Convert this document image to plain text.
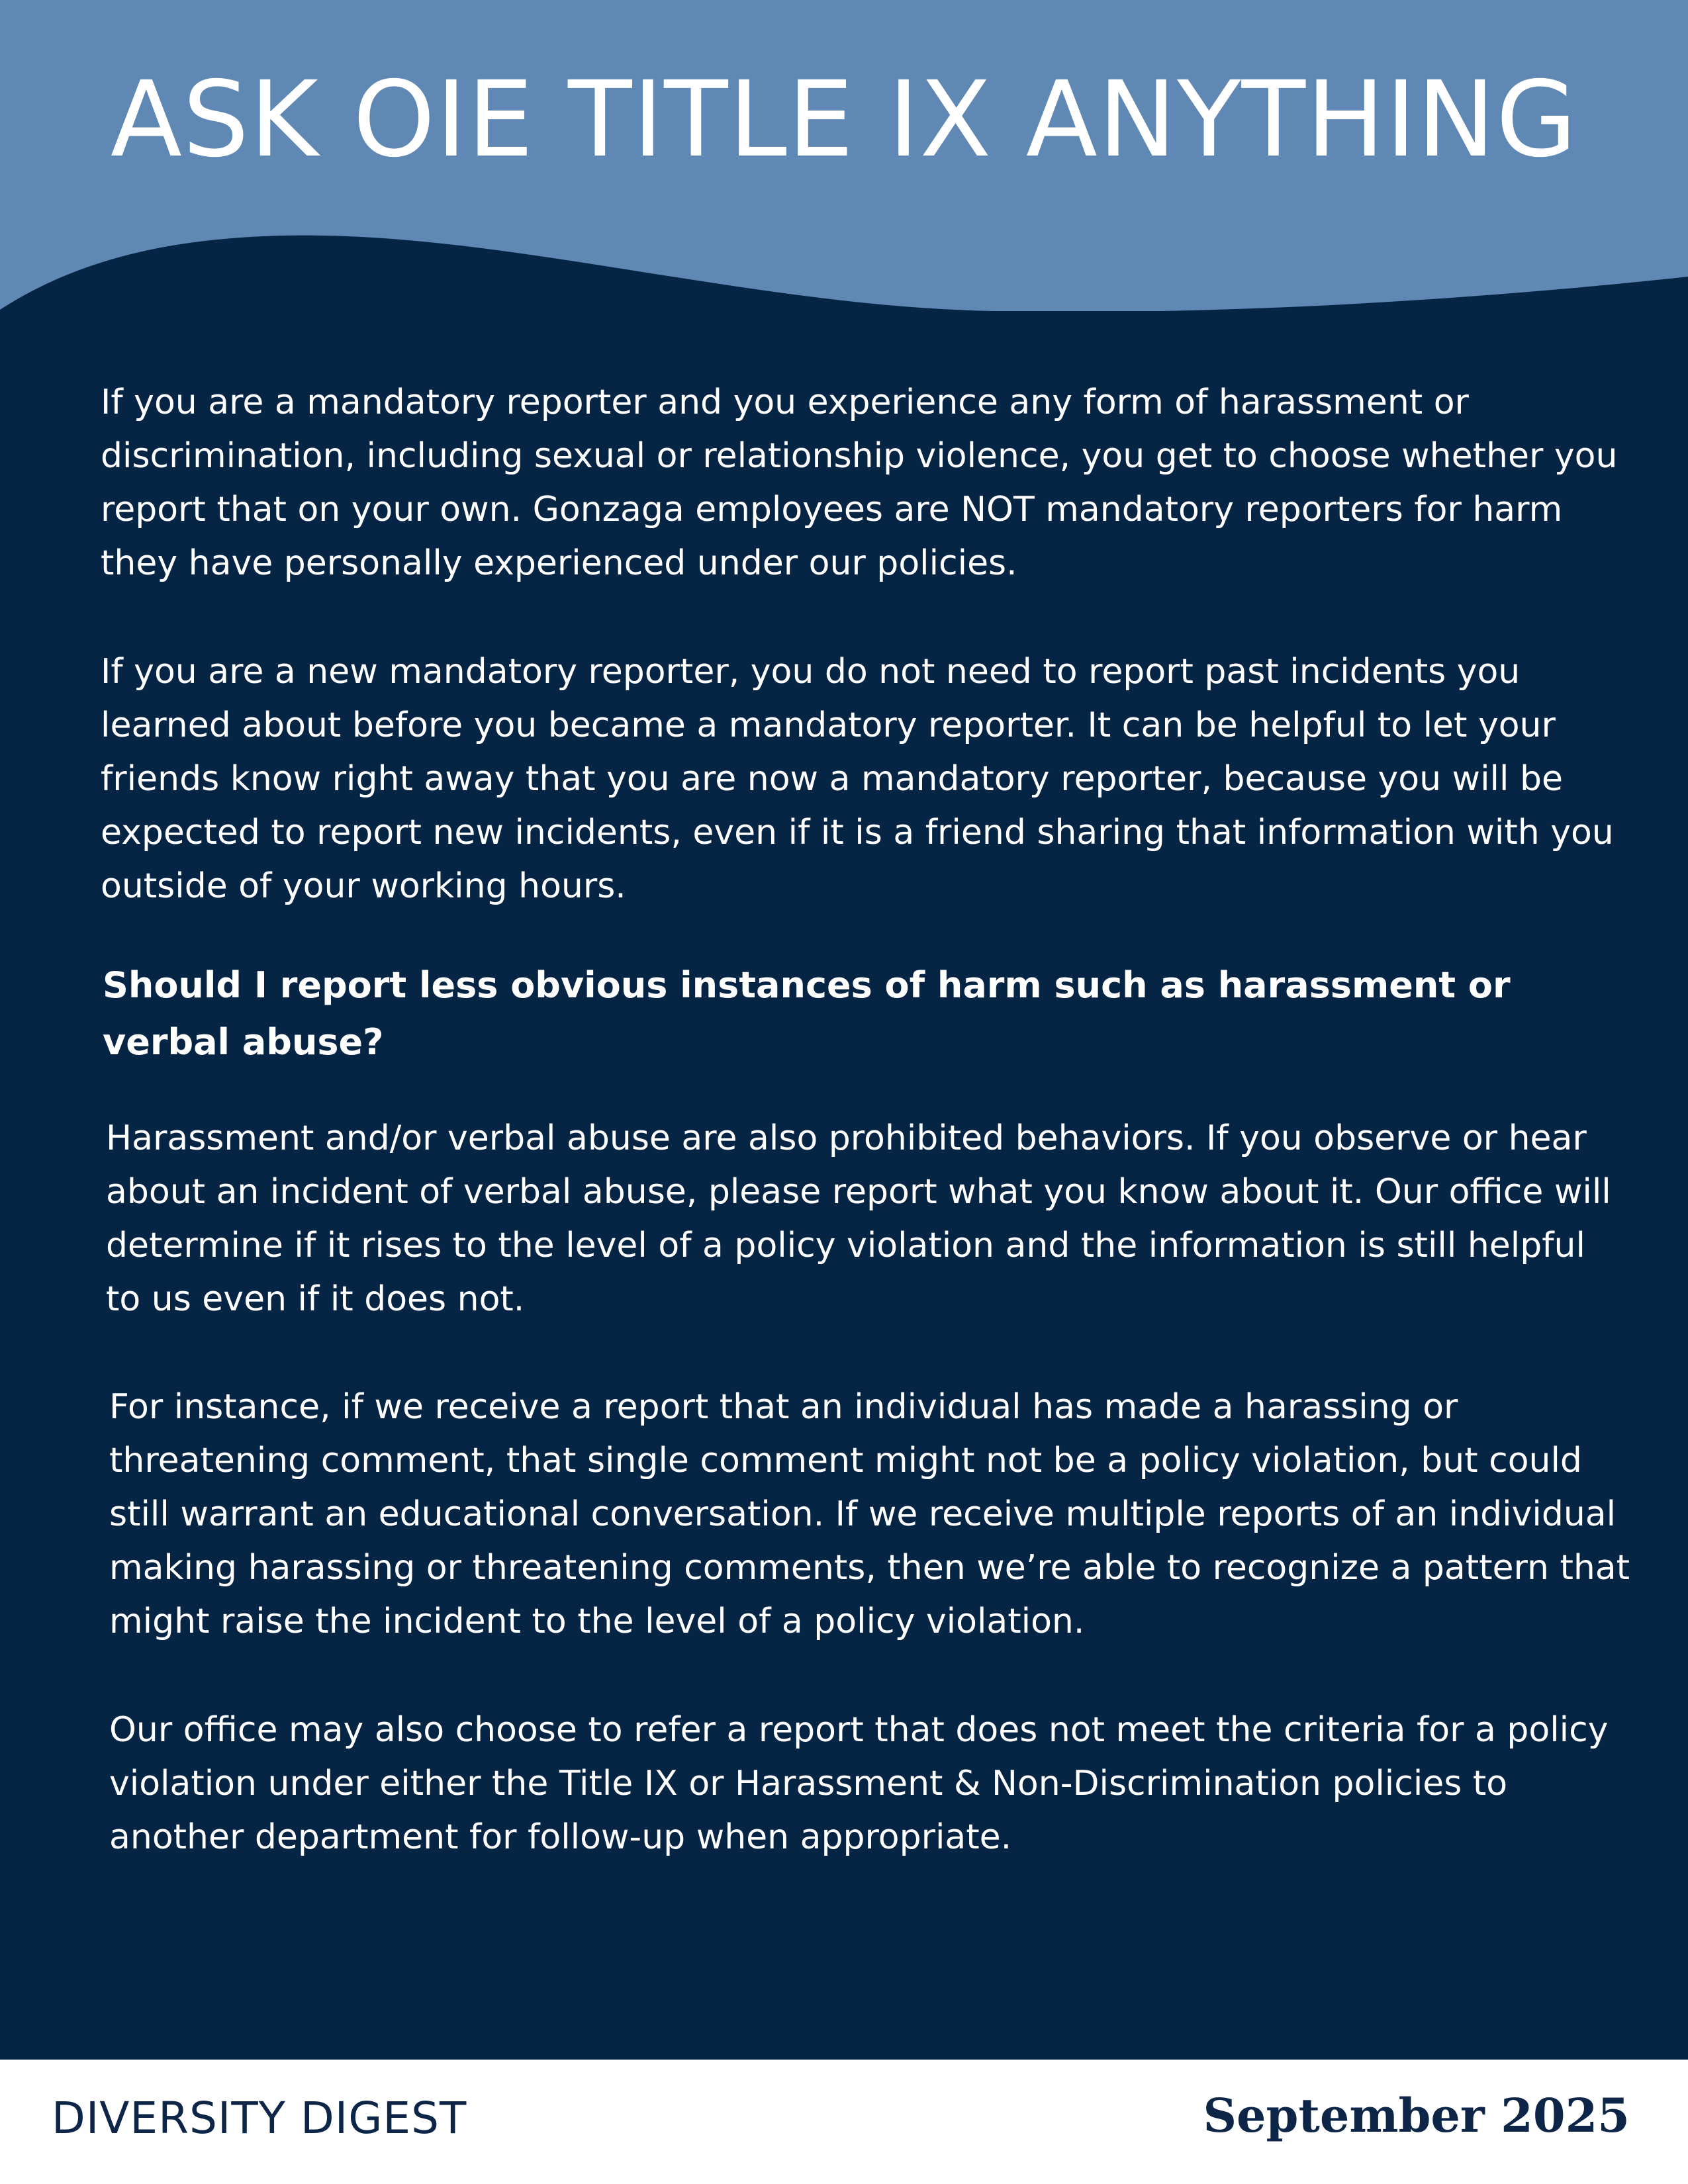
ASK OIE TITLE IX ANYTHING

If you are a mandatory reporter and you experience any form of harassment or discrimination, including sexual or relationship violence, you get to choose whether you report that on your own. Gonzaga employees are NOT mandatory reporters for harm they have personally experienced under our policies.

If you are a new mandatory reporter, you do not need to report past incidents you learned about before you became a mandatory reporter. It can be helpful to let your friends know right away that you are now a mandatory reporter, because you will be expected to report new incidents, even if it is a friend sharing that information with you outside of your working hours.

Should I report less obvious instances of harm such as harassment or verbal abuse?

Harassment and/or verbal abuse are also prohibited behaviors. If you observe or hear about an incident of verbal abuse, please report what you know about it. Our office will determine if it rises to the level of a policy violation and the information is still helpful to us even if it does not.

For instance, if we receive a report that an individual has made a harassing or threatening comment, that single comment might not be a policy violation, but could still warrant an educational conversation. If we receive multiple reports of an individual making harassing or threatening comments, then we’re able to recognize a pattern that might raise the incident to the level of a policy violation.

Our office may also choose to refer a report that does not meet the criteria for a policy violation under either the Title IX or Harassment & Non-Discrimination policies to another department for follow-up when appropriate.

DIVERSITY DIGEST	September 2025
